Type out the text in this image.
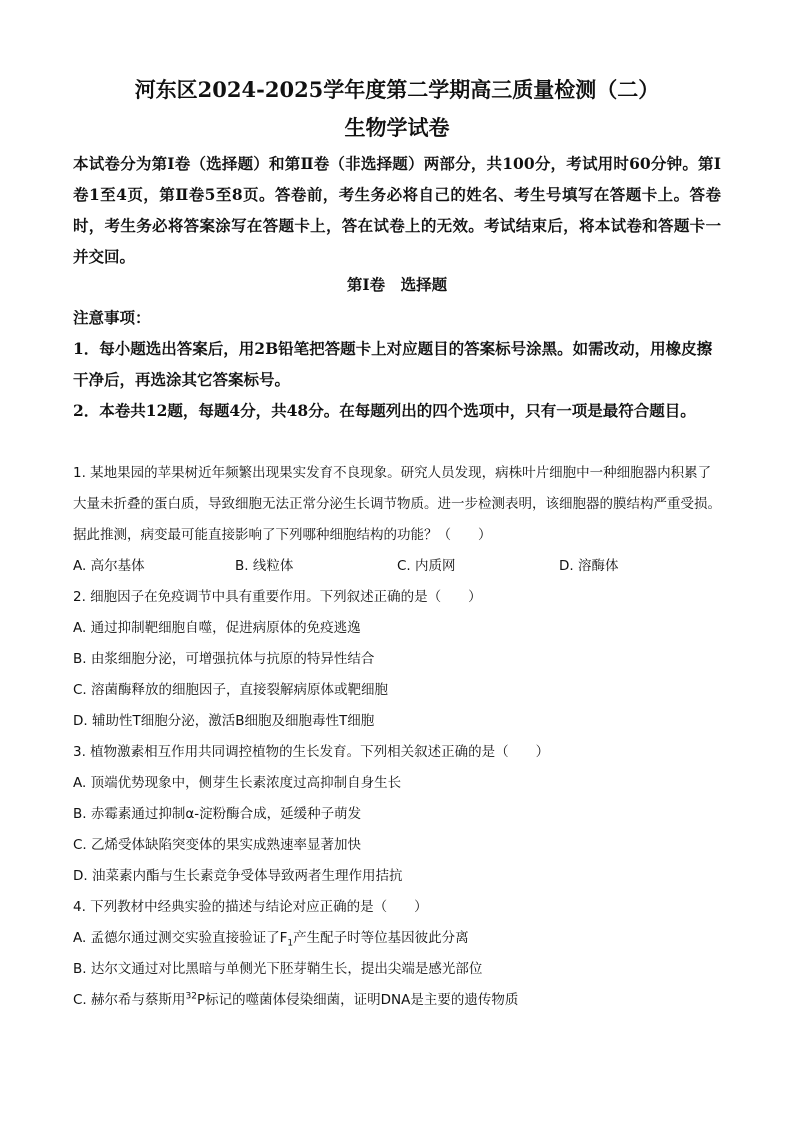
河东区2024-2025学年度第二学期高三质量检测（二）
生物学试卷
本试卷分为第Ⅰ卷（选择题）和第Ⅱ卷（非选择题）两部分，共100分，考试用时60分钟。第Ⅰ卷1至4页，第Ⅱ卷5至8页。答卷前，考生务必将自己的姓名、考生号填写在答题卡上。答卷时，考生务必将答案涂写在答题卡上，答在试卷上的无效。考试结束后，将本试卷和答题卡一并交回。
第Ⅰ卷　选择题

注意事项：

1．每小题选出答案后，用2B铅笔把答题卡上对应题目的答案标号涂黑。如需改动，用橡皮擦干净后，再选涂其它答案标号。

2．本卷共12题，每题4分，共48分。在每题列出的四个选项中，只有一项是最符合题目。

1. 某地果园的苹果树近年频繁出现果实发育不良现象。研究人员发现，病株叶片细胞中一种细胞器内积累了大量未折叠的蛋白质，导致细胞无法正常分泌生长调节物质。进一步检测表明，该细胞器的膜结构严重受损。据此推测，病变最可能直接影响了下列哪种细胞结构的功能？（　　）

A. 高尔基体	B. 线粒体	C. 内质网	D. 溶酶体

2. 细胞因子在免疫调节中具有重要作用。下列叙述正确的是（　　）

A. 通过抑制靶细胞自噬，促进病原体的免疫逃逸

B. 由浆细胞分泌，可增强抗体与抗原的特异性结合

C. 溶菌酶释放的细胞因子，直接裂解病原体或靶细胞

D. 辅助性T细胞分泌，激活B细胞及细胞毒性T细胞

3. 植物激素相互作用共同调控植物的生长发育。下列相关叙述正确的是（　　）

A. 顶端优势现象中，侧芽生长素浓度过高抑制自身生长

B. 赤霉素通过抑制α-淀粉酶合成，延缓种子萌发

C. 乙烯受体缺陷突变体的果实成熟速率显著加快

D. 油菜素内酯与生长素竞争受体导致两者生理作用拮抗

4. 下列教材中经典实验的描述与结论对应正确的是（　　）

A. 孟德尔通过测交实验直接验证了$F_1$产生配子时等位基因彼此分离

B. 达尔文通过对比黑暗与单侧光下胚芽鞘生长，提出尖端是感光部位

C. 赫尔希与蔡斯用$^{32}$P标记的噬菌体侵染细菌，证明DNA是主要的遗传物质
